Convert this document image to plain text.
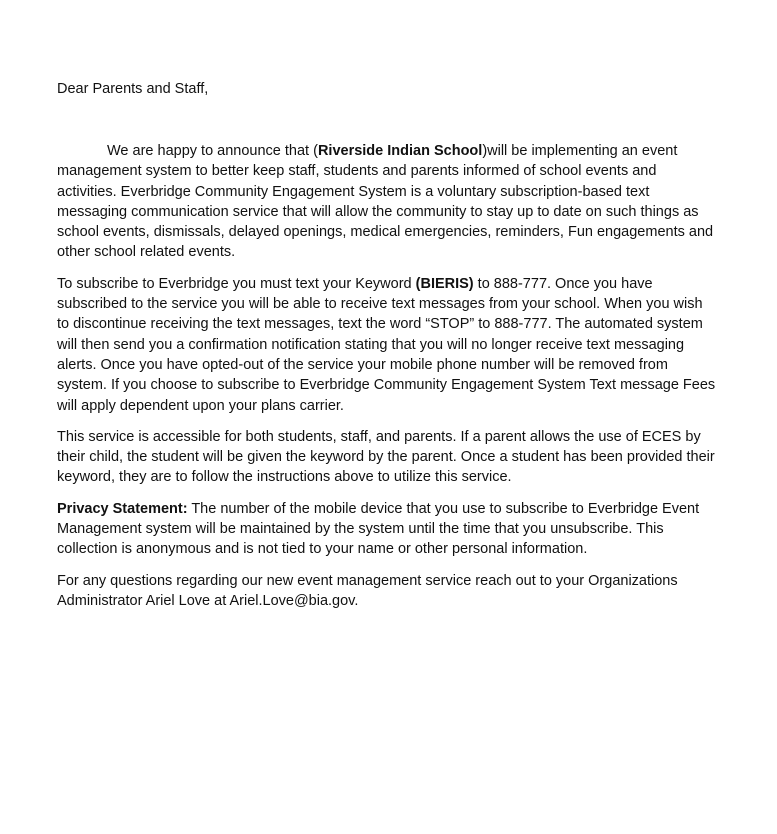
Dear Parents and Staff,

We are happy to announce that (Riverside Indian School)will be implementing an event management system to better keep staff, students and parents informed of school events and activities. Everbridge Community Engagement System is a voluntary subscription-based text messaging communication service that will allow the community to stay up to date on such things as school events, dismissals, delayed openings, medical emergencies, reminders, Fun engagements and other school related events.

To subscribe to Everbridge you must text your Keyword (BIERIS) to 888-777. Once you have subscribed to the service you will be able to receive text messages from your school. When you wish to discontinue receiving the text messages, text the word “STOP” to 888-777. The automated system will then send you a confirmation notification stating that you will no longer receive text messaging alerts. Once you have opted-out of the service your mobile phone number will be removed from system. If you choose to subscribe to Everbridge Community Engagement System Text message Fees will apply dependent upon your plans carrier.

This service is accessible for both students, staff, and parents. If a parent allows the use of ECES by their child, the student will be given the keyword by the parent. Once a student has been provided their keyword, they are to follow the instructions above to utilize this service.

Privacy Statement: The number of the mobile device that you use to subscribe to Everbridge Event Management system will be maintained by the system until the time that you unsubscribe. This collection is anonymous and is not tied to your name or other personal information.

For any questions regarding our new event management service reach out to your Organizations Administrator Ariel Love at Ariel.Love@bia.gov.
